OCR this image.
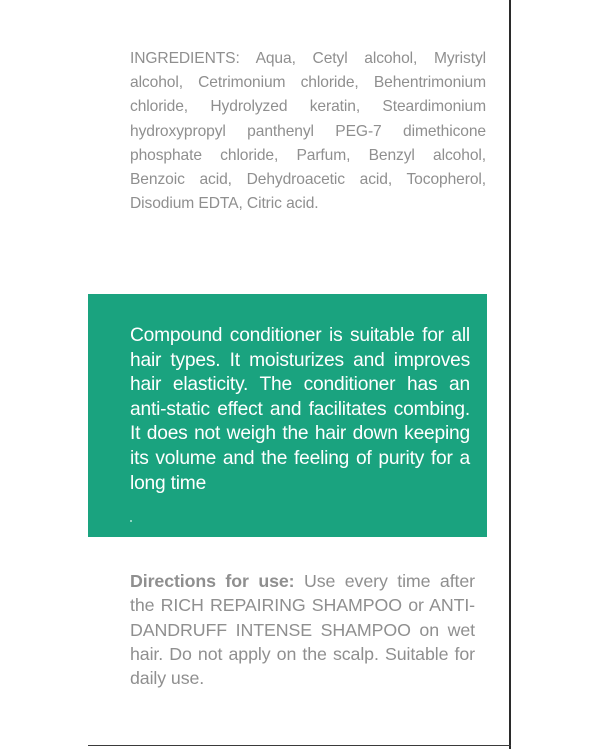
INGREDIENTS: Aqua, Cetyl alcohol, Myristyl alcohol, Cetrimonium chloride, Behentrimonium chloride, Hydrolyzed keratin, Steardimonium hydroxypropyl panthenyl PEG-7 dimethicone phosphate chloride, Parfum, Benzyl alcohol, Benzoic acid, Dehydroacetic acid, Tocopherol, Disodium EDTA, Citric acid.

Compound conditioner is suitable for all hair types. It moisturizes and improves hair elasticity. The conditioner has an anti-static effect and facilitates combing. It does not weigh the hair down keeping its volume and the feeling of purity for a long time

Directions for use: Use every time after the RICH REPAIRING SHAMPOO or ANTI-DANDRUFF INTENSE SHAMPOO on wet hair. Do not apply on the scalp. Suitable for daily use.
